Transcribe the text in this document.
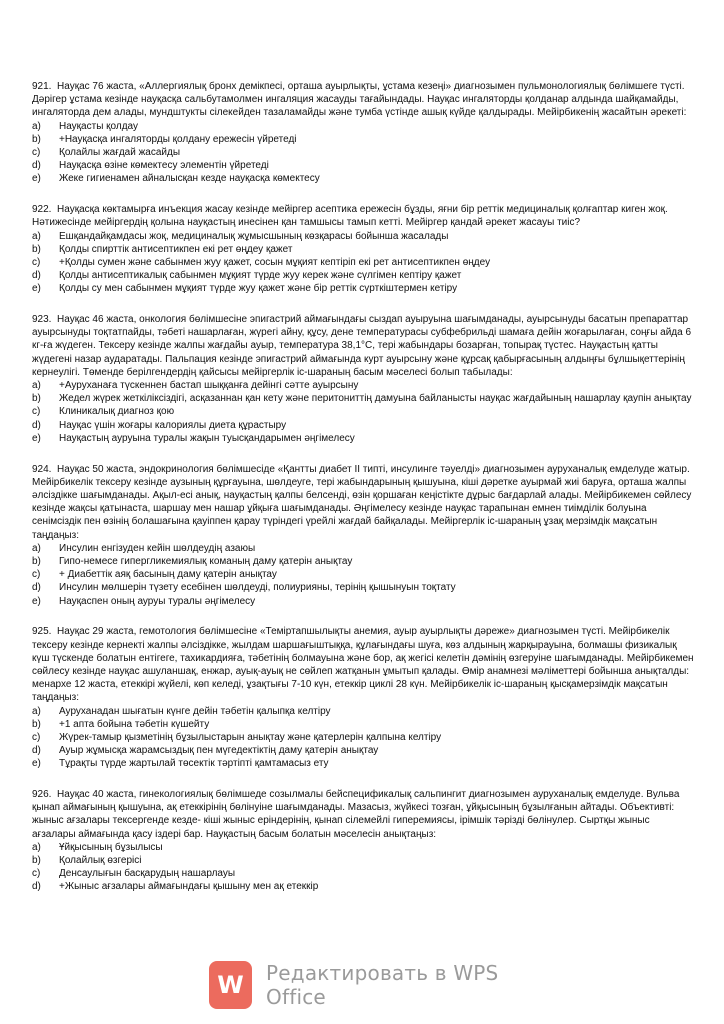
921. Науқас 76 жаста, «Аллергиялық бронх демікпесі, орташа ауырлықты, ұстама кезеңі» диагнозымен пульмонологиялық бөлімшеге түсті. Дәрігер ұстама кезінде науқасқа сальбутамолмен ингаляция жасауды тағайындады. Науқас ингаляторды қолданар алдында шайқамайды, ингаляторда дем алады, мундштукты сілекейден тазаламайды және тумба үстінде ашық күйде қалдырады. Мейірбикенің жасайтын әрекеті:

a)	Науқасты қолдау
b)	+Науқасқа ингаляторды қолдану ережесін үйретеді
c)	Қолайлы жағдай жасайды
d)	Науқасқа өзіне көмектесу элементін үйретеді
e)	Жеке гигиенамен айналысқан кезде науқасқа көмектесу

922. Науқасқа көктамырға инъекция жасау кезінде мейіргер асептика ережесін бұзды, яғни бір реттік медициналық қолғаптар киген жоқ. Нәтижесінде мейіргердің қолына науқастың инесінен қан тамшысы тамып кетті. Мейіргер қандай әрекет жасауы тиіс?

a)	Ешқандайқамдасы жоқ, медициналық жұмысшының көзқарасы бойынша жасалады
b)	Қолды спирттік антисептикпен екі рет өңдеу қажет
c)	+Қолды сумен және сабынмен жуу қажет, сосын мұқият кептіріп екі рет антисептикпен өңдеу
d)	Қолды антисептикалық сабынмен мұқият түрде жуу керек және сүлгімен кептіру қажет
e)	Қолды су мен сабынмен мұқият түрде жуу қажет және бір реттік сүрткіштермен кетіру

923. Науқас 46 жаста, онкология бөлімшесіне эпигастрий аймағындағы сыздап ауыруына шағымданады, ауырсынуды басатын препараттар ауырсынуды тоқтатпайды, тәбеті нашарлаған, жүрегі айну, құсу, дене температурасы субфебрильді шамаға дейін жоғарылаған, соңғы айда 6 кг-ға жүдеген. Тексеру кезінде жалпы жағдайы ауыр, температура 38,1°С, тері жабындары бозарған, топырақ түстес. Науқастың қатты жүдегені назар аударатады. Пальпация кезінде эпигастрий аймағында курт ауырсыну және құрсақ қабырғасының алдыңғы бұлшықеттерінің кернеулігі. Төменде берілгендердің қайсысы мейіргерлік іс-шараның басым мәселесі болып табылады:

a)	+Ауруханаға түскеннен бастап шыққанға дейінгі сәтте ауырсыну
b)	Жедел жүрек жеткіліксіздігі, асқазаннан қан кету және перитониттің дамуына байланысты науқас жағдайының нашарлау қаупін анықтау
c)	Клиникалық диагноз қою
d)	Науқас үшін жоғары калориялы диета құрастыру
e)	Науқастың ауруына туралы жақын туысқандарымен әңгімелесу

924. Науқас 50 жаста, эндокринология бөлімшесіде «Қантты диабет II типті, инсулинге тәуелді» диагнозымен ауруханалық емделуде жатыр. Мейірбикелік тексеру кезінде аузының құрғауына, шөлдеуге, тері жабындарының қышуына, кіші дәретке ауырмай жиі баруға, орташа жалпы әлсіздікке шағымданады. Ақыл-есі анық, науқастың қалпы белсенді, өзін қоршаған кеңістікте дұрыс бағдарлай алады. Мейірбикемен сөйлесу кезінде жақсы қатынаста, шаршау мен нашар ұйқыға шағымданады. Әңгімелесу кезінде науқас тарапынан емнен тиімділік болуына сенімсіздік пен өзінің болашағына қауіппен қарау түріндегі үрейлі жағдай байқалады. Мейіргерлік іс-шараның ұзақ мерзімдік мақсатын таңдаңыз:

a)	Инсулин енгізуден кейін шөлдеудің азаюы
b)	Гипо-немесе гипергликемиялық команың даму қатерін анықтау
c)	+ Диабеттік аяқ басының даму қатерін анықтау
d)	Инсулин мөлшерін түзету есебінен шөлдеуді, полиурияны, терінің қышынуын тоқтату
e)	Науқаспен оның ауруы туралы әңгімелесу

925. Науқас 29 жаста, гемотология бөлімшесіне «Теміртапшылықты анемия, ауыр ауырлықты дәреже» диагнозымен түсті. Мейірбикелік тексеру кезінде кернекті жалпы әлсіздікке, жылдам шаршағыштыққа, құлағындағы шуға, көз алдының жарқырауына, болмашы физикалық күш түскенде болатын ентігеге, тахикардияға, тәбетінің болмауына және бор, ақ жегісі келетін дәмінің өзгеруіне шағымданады. Мейірбикемен сөйлесу кезінде науқас ашуланшақ, енжар, ауық-ауық не сөйлеп жатқанын ұмытып қалады. Өмір анамнезі мәліметтері бойынша анықталды: менархе 12 жаста, етеккірі жүйелі, көп келеді, ұзақтығы 7-10 күн, етеккір циклі 28 күн. Мейірбикелік іс-шараның қысқамерзімдік мақсатын таңдаңыз:

a)	Ауруханадан шығатын күнге дейін тәбетін қалыпқа келтіру
b)	+1 апта бойына тәбетін күшейту
c)	Жүрек-тамыр қызметінің бұзылыстарын анықтау және қатерлерін қалпына келтіру
d)	Ауыр жұмысқа жарамсыздық пен мүгедектіктің даму қатерін анықтау
e)	Тұрақты түрде жартылай төсектік тәртіпті қамтамасыз ету

926. Науқас 40 жаста, гинекологиялық бөлімшеде созылмалы бейспецификалық сальпингит диагнозымен ауруханалық емделуде. Вульва қынап аймағының қышуына, ақ етеккірінің бөлінуіне шағымданады. Мазасыз, жүйкесі тозған, ұйқысының бұзылғанын айтады. Объективті: жыныс ағзалары тексергенде кезде- кіші жыныс еріндерінің, қынап сілемейлі гиперемиясы, ірімшік тәрізді бөлінулер. Сыртқы жыныс ағзалары аймағында қасу іздері бар. Науқастың басым болатын мәселесін анықтаңыз:

a)	Ұйқысының бұзылысы
b)	Қолайлық өзгерісі
c)	Денсаулығын басқарудың нашарлауы
d)	+Жыныс ағзалары аймағындағы қышыну мен ақ етеккір
W	Редактировать в WPS Office
